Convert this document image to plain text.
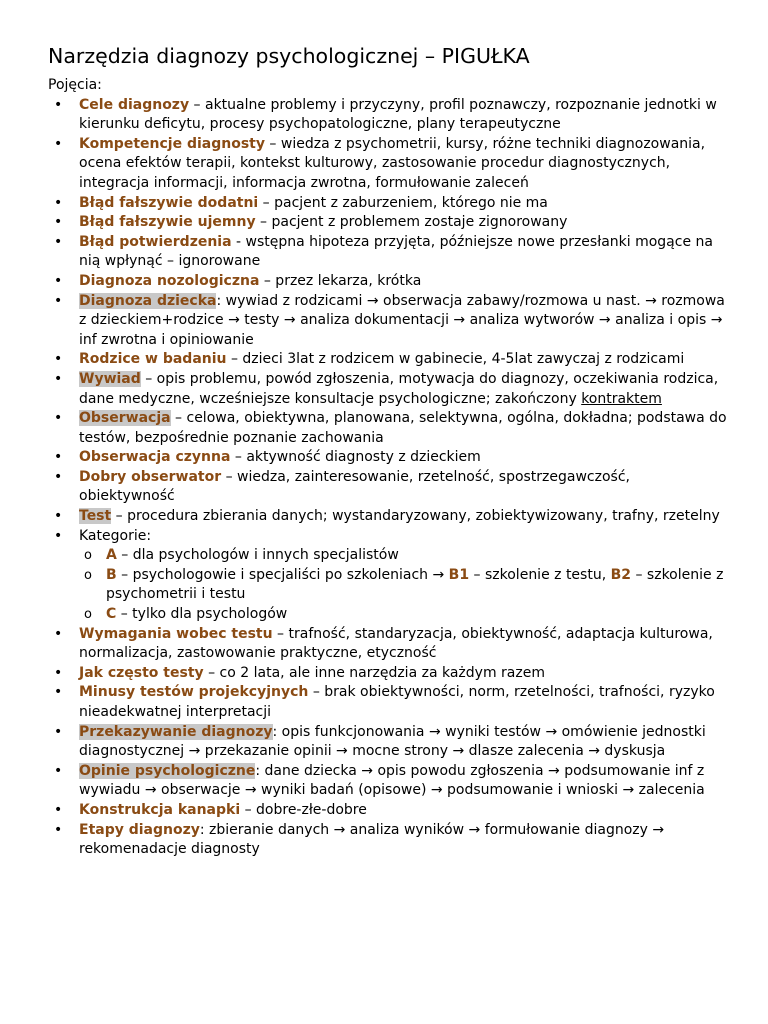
Narzędzia diagnozy psychologicznej – PIGUŁKA

Pojęcia:

• Cele diagnozy – aktualne problemy i przyczyny, profil poznawczy, rozpoznanie jednotki w kierunku deficytu, procesy psychopatologiczne, plany terapeutyczne
• Kompetencje diagnosty – wiedza z psychometrii, kursy, różne techniki diagnozowania, ocena efektów terapii, kontekst kulturowy, zastosowanie procedur diagnostycznych, integracja informacji, informacja zwrotna, formułowanie zaleceń
• Błąd fałszywie dodatni – pacjent z zaburzeniem, którego nie ma
• Błąd fałszywie ujemny – pacjent z problemem zostaje zignorowany
• Błąd potwierdzenia - wstępna hipoteza przyjęta, późniejsze nowe przesłanki mogące na nią wpłynąć – ignorowane
• Diagnoza nozologiczna – przez lekarza, krótka
• Diagnoza dziecka: wywiad z rodzicami → obserwacja zabawy/rozmowa u nast. → rozmowa z dzieckiem+rodzice → testy → analiza dokumentacji → analiza wytworów → analiza i opis → inf zwrotna i opiniowanie
• Rodzice w badaniu – dzieci 3lat z rodzicem w gabinecie, 4-5lat zawyczaj z rodzicami
• Wywiad – opis problemu, powód zgłoszenia, motywacja do diagnozy, oczekiwania rodzica, dane medyczne, wcześniejsze konsultacje psychologiczne; zakończony kontraktem
• Obserwacja – celowa, obiektywna, planowana, selektywna, ogólna, dokładna; podstawa do testów, bezpośrednie poznanie zachowania
• Obserwacja czynna – aktywność diagnosty z dzieckiem
• Dobry obserwator – wiedza, zainteresowanie, rzetelność, spostrzegawczość, obiektywność
• Test – procedura zbierania danych; wystandaryzowany, zobiektywizowany, trafny, rzetelny
• Kategorie:
o A – dla psychologów i innych specjalistów
o B – psychologowie i specjaliści po szkoleniach → B1 – szkolenie z testu, B2 – szkolenie z psychometrii i testu
o C – tylko dla psychologów
• Wymagania wobec testu – trafność, standaryzacja, obiektywność, adaptacja kulturowa, normalizacja, zastowowanie praktyczne, etyczność
• Jak często testy – co 2 lata, ale inne narzędzia za każdym razem
• Minusy testów projekcyjnych – brak obiektywności, norm, rzetelności, trafności, ryzyko nieadekwatnej interpretacji
• Przekazywanie diagnozy: opis funkcjonowania → wyniki testów → omówienie jednostki diagnostycznej → przekazanie opinii → mocne strony → dlasze zalecenia → dyskusja
• Opinie psychologiczne: dane dziecka → opis powodu zgłoszenia → podsumowanie inf z wywiadu → obserwacje → wyniki badań (opisowe) → podsumowanie i wnioski → zalecenia
• Konstrukcja kanapki – dobre-złe-dobre
• Etapy diagnozy: zbieranie danych → analiza wyników → formułowanie diagnozy → rekomenadacje diagnosty
